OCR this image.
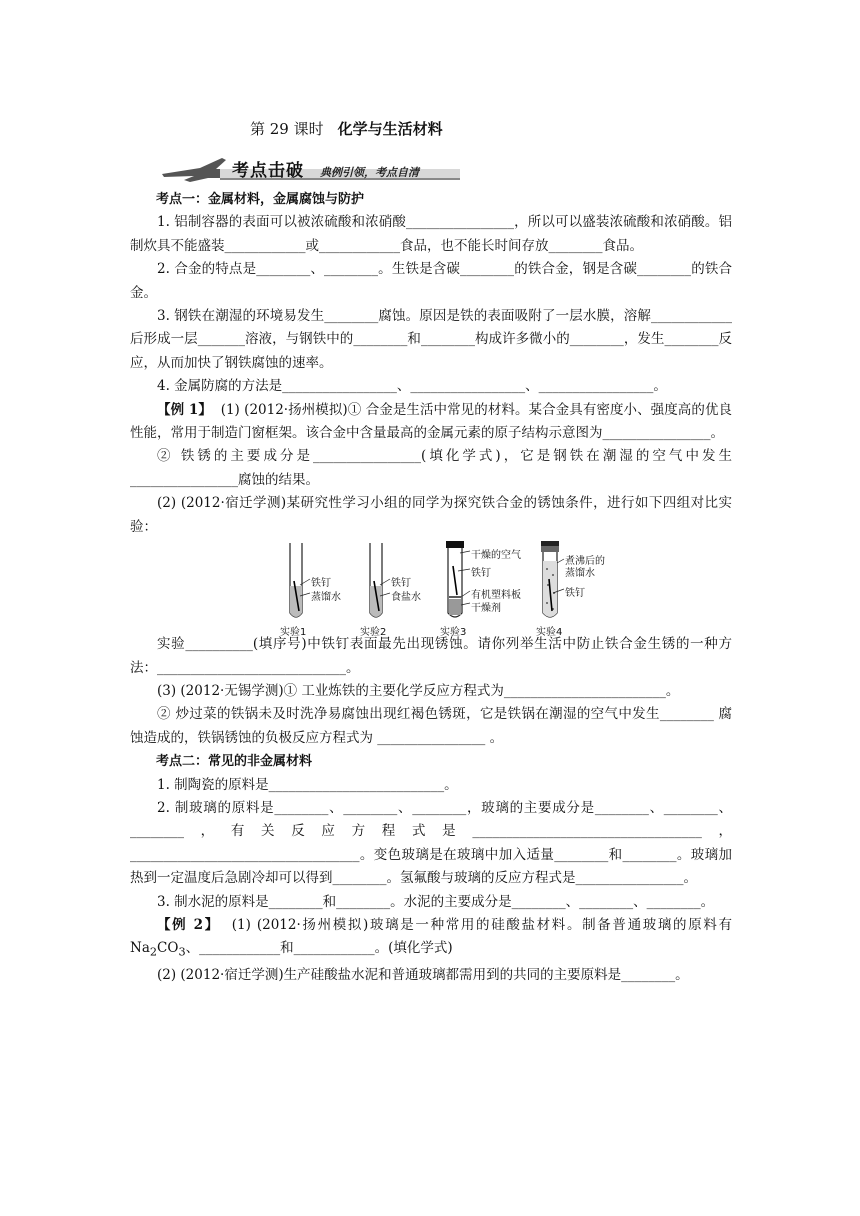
第 29 课时 化学与生活材料
考点击破 典例引领，考点自清

考点一：金属材料，金属腐蚀与防护

1. 铝制容器的表面可以被浓硫酸和浓硝酸________________，所以可以盛装浓硫酸和浓硝酸。铝制炊具不能盛装____________或____________食品，也不能长时间存放________食品。

2. 合金的特点是________、________。生铁是含碳________的铁合金，钢是含碳________的铁合金。

3. 钢铁在潮湿的环境易发生________腐蚀。原因是铁的表面吸附了一层水膜，溶解____________后形成一层_______溶液，与钢铁中的________和________构成许多微小的________，发生________反应，从而加快了钢铁腐蚀的速率。

4. 金属防腐的方法是_________________、_________________、_________________。

【例 1】 (1) (2012·扬州模拟)① 合金是生活中常见的材料。某合金具有密度小、强度高的优良性能，常用于制造门窗框架。该合金中含量最高的金属元素的原子结构示意图为________________。

② 铁锈的主要成分是________________(填化学式)，它是钢铁在潮湿的空气中发生________________腐蚀的结果。

(2) (2012·宿迁学测)某研究性学习小组的同学为探究铁合金的锈蚀条件，进行如下四组对比实验：

铁钉
蒸馏水
铁钉
食盐水
干燥的空气
铁钉
有机塑料板
干燥剂
煮沸后的
蒸馏水
铁钉
实验1	实验2	实验3	实验4

实验__________(填序号)中铁钉表面最先出现锈蚀。请你列举生活中防止铁合金生锈的一种方法：____________________________。

(3) (2012·无锡学测)① 工业炼铁的主要化学反应方程式为________________________。

② 炒过菜的铁锅未及时洗净易腐蚀出现红褐色锈斑，它是铁锅在潮湿的空气中发生________ 腐蚀造成的，铁锅锈蚀的负极反应方程式为 ________________ 。

考点二：常见的非金属材料

1. 制陶瓷的原料是__________________________。

2. 制玻璃的原料是________、________、________，玻璃的主要成分是________、________、________，有关反应方程式是__________________________________，__________________________________。变色玻璃是在玻璃中加入适量________和________。玻璃加热到一定温度后急剧冷却可以得到________。氢氟酸与玻璃的反应方程式是________________。

3. 制水泥的原料是________和________。水泥的主要成分是________、________、________。

【例 2】 (1) (2012·扬州模拟)玻璃是一种常用的硅酸盐材料。制备普通玻璃的原料有$Na_2CO_3$、____________和____________。(填化学式)

(2) (2012·宿迁学测)生产硅酸盐水泥和普通玻璃都需用到的共同的主要原料是________。
